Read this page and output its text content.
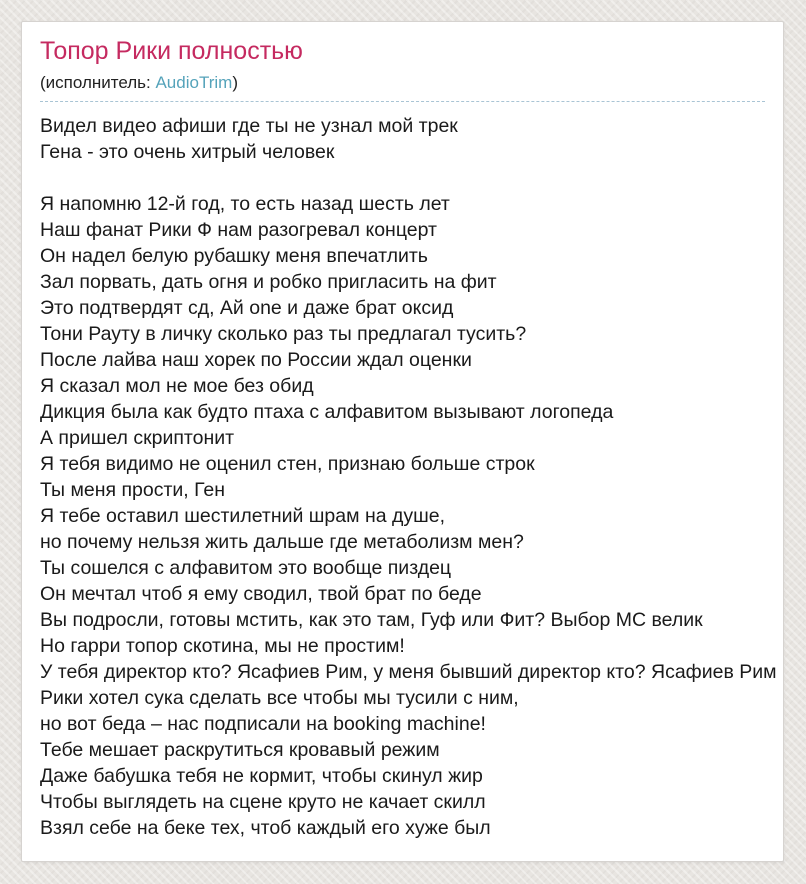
Топор Рики полностью
(исполнитель: AudioTrim)
Видел видео афиши где ты не узнал мой трек
Гена - это очень хитрый человек

Я напомню 12-й год, то есть назад шесть лет
Наш фанат Рики Ф нам разогревал концерт
Он надел белую рубашку меня впечатлить
Зал порвать, дать огня и робко пригласить на фит
Это подтвердят сд, Ай one и даже брат оксид
Тони Рауту в личку сколько раз ты предлагал тусить?
После лайва наш хорек по России ждал оценки
Я сказал мол не мое без обид
Дикция была как будто птаха с алфавитом вызывают логопеда
А пришел скриптонит
Я тебя видимо не оценил стен, признаю больше строк
Ты меня прости, Ген
Я тебе оставил шестилетний шрам на душе,
но почему нельзя жить дальше где метаболизм мен?
Ты сошелся с алфавитом это вообще пиздец
Он мечтал чтоб я ему сводил, твой брат по беде
Вы подросли, готовы мстить, как это там, Гуф или Фит? Выбор МС велик
Но гарри топор скотина, мы не простим!
У тебя директор кто? Ясафиев Рим, у меня бывший директор кто? Ясафиев Рим
Рики хотел сука сделать все чтобы мы тусили с ним,
но вот беда – нас подписали на booking machine!
Тебе мешает раскрутиться кровавый режим
Даже бабушка тебя не кормит, чтобы скинул жир
Чтобы выглядеть на сцене круто не качает скилл
Взял себе на беке тех, чтоб каждый его хуже был
